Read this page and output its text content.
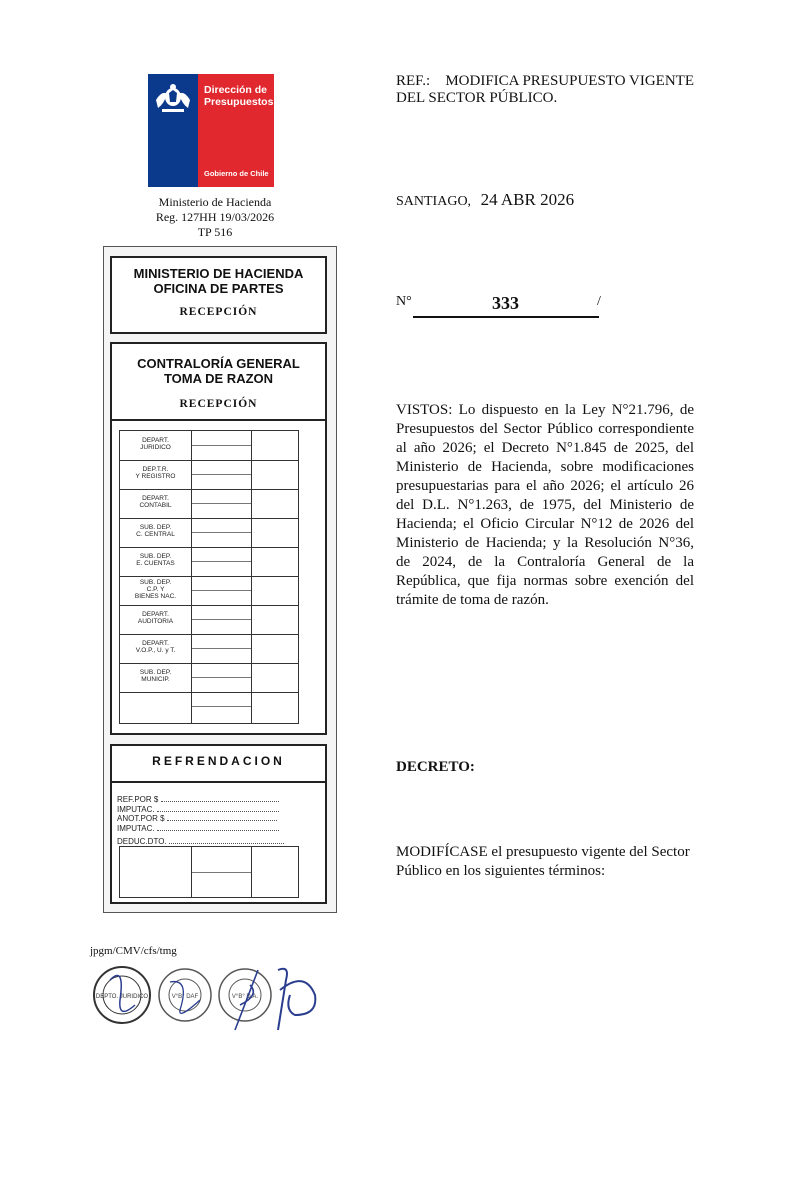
Dirección de
Presupuestos
Gobierno de Chile
Ministerio de Hacienda
Reg. 127HH 19/03/2026
TP 516
MINISTERIO DE HACIENDA
OFICINA DE PARTES
RECEPCIÓN
CONTRALORÍA GENERAL
TOMA DE RAZON
RECEPCIÓN
DEPART.
JURIDICO
DEP.T.R.
Y REGISTRO
DEPART.
CONTABIL
SUB. DEP.
C. CENTRAL
SUB. DEP.
E. CUENTAS
SUB. DEP.
C.P. Y
BIENES NAC.
DEPART.
AUDITORIA
DEPART.
V.O.P., U. y T.
SUB. DEP.
MUNICIP.
REFRENDACION
REF.POR $
IMPUTAC.
ANOT.POR $
IMPUTAC.
DEDUC.DTO.
jpgm/CMV/cfs/tmg
DEPTO. JURIDICO	V°B° DAF	V°B° D.A.
REF.: MODIFICA PRESUPUESTO VIGENTE
DEL SECTOR PÚBLICO.
SANTIAGO, 24 ABR 2026
N°	333	/
VISTOS: Lo dispuesto en la Ley N°21.796, de Presupuestos del Sector Público correspondiente al año 2026; el Decreto N°1.845 de 2025, del Ministerio de Hacienda, sobre modificaciones presupuestarias para el año 2026; el artículo 26 del D.L. N°1.263, de 1975, del Ministerio de Hacienda; el Oficio Circular N°12 de 2026 del Ministerio de Hacienda; y la Resolución N°36, de 2024, de la Contraloría General de la República, que fija normas sobre exención del trámite de toma de razón.
DECRETO:
MODIFÍCASE el presupuesto vigente del Sector Público en los siguientes términos:
